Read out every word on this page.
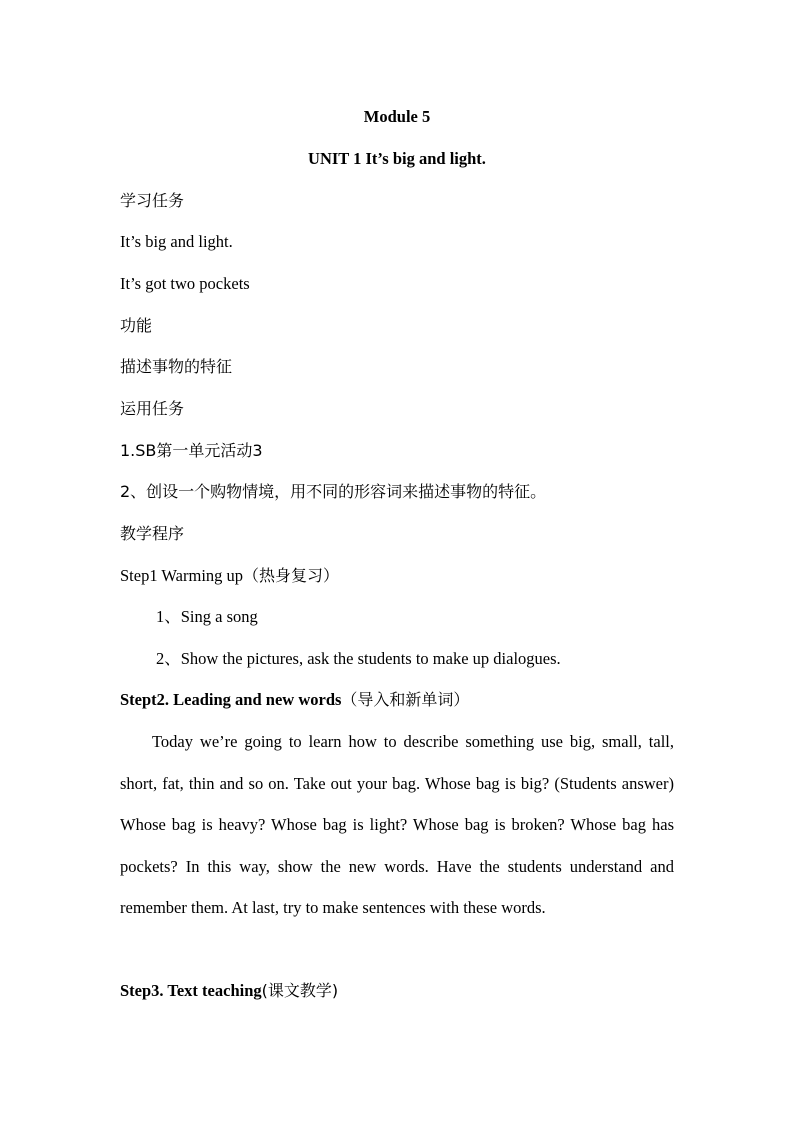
Module 5
UNIT 1 It’s big and light.
学习任务
It’s big and light.
It’s got two pockets
功能
描述事物的特征
运用任务
1.SB第一单元活动3
2、创设一个购物情境，用不同的形容词来描述事物的特征。
教学程序
Step1 Warming up（热身复习）
1、Sing a song
2、Show the pictures, ask the students to make up dialogues.
Stept2. Leading and new words（导入和新单词）
Today we’re going to learn how to describe something use big, small, tall, short, fat, thin and so on. Take out your bag. Whose bag is big? (Students answer) Whose bag is heavy? Whose bag is light? Whose bag is broken? Whose bag has pockets? In this way, show the new words. Have the students understand and remember them. At last, try to make sentences with these words.
Step3. Text teaching(课文教学)
